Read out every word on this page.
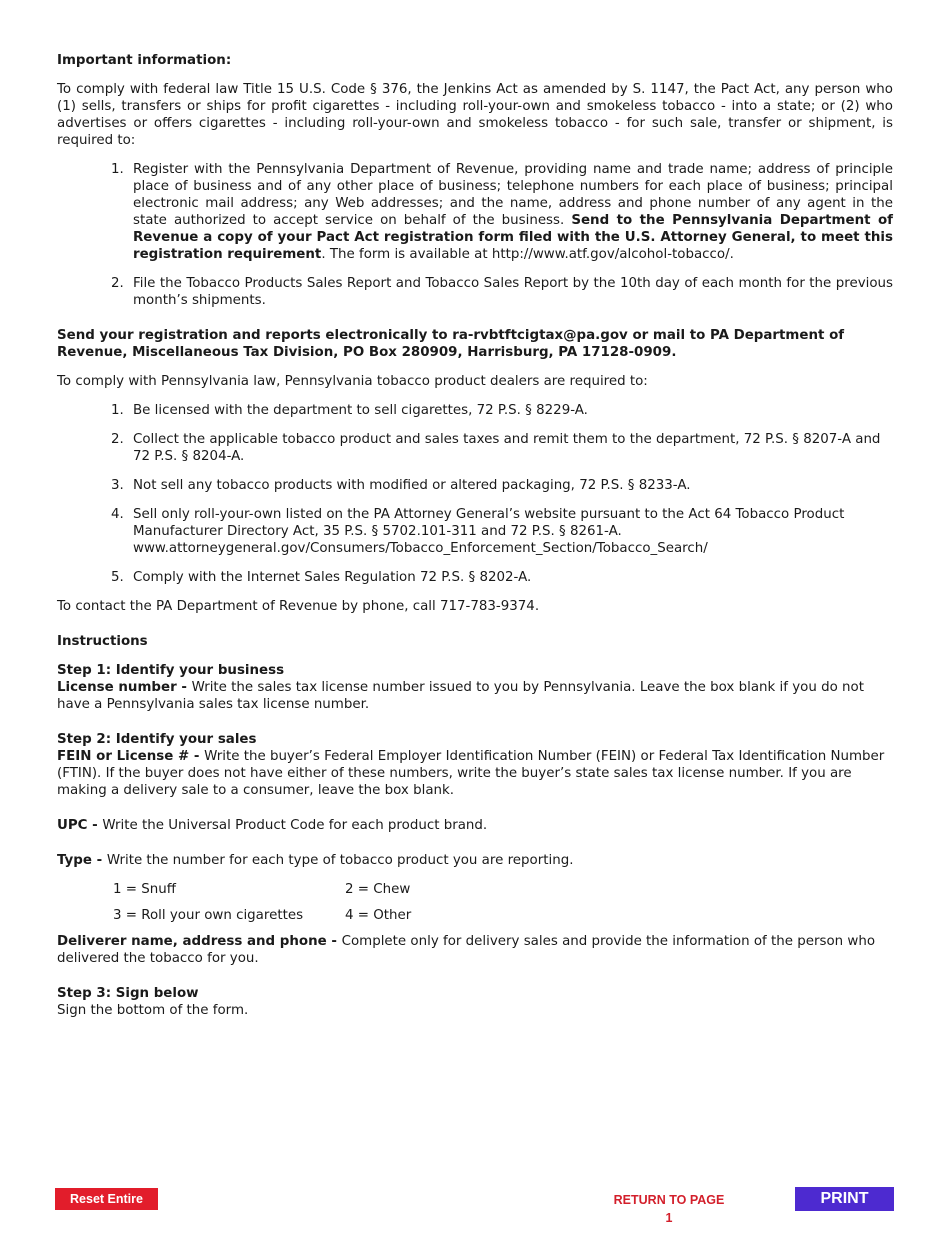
Important information:

To comply with federal law Title 15 U.S. Code § 376, the Jenkins Act as amended by S. 1147, the Pact Act, any person who (1) sells, transfers or ships for profit cigarettes - including roll-your-own and smokeless tobacco - into a state; or (2) who advertises or offers cigarettes - including roll-your-own and smokeless tobacco - for such sale, transfer or shipment, is required to:

1. Register with the Pennsylvania Department of Revenue, providing name and trade name; address of principle place of business and of any other place of business; telephone numbers for each place of business; principal electronic mail address; any Web addresses; and the name, address and phone number of any agent in the state authorized to accept service on behalf of the business. Send to the Pennsylvania Department of Revenue a copy of your Pact Act registration form filed with the U.S. Attorney General, to meet this registration requirement. The form is available at http://www.atf.gov/alcohol-tobacco/.
2. File the Tobacco Products Sales Report and Tobacco Sales Report by the 10th day of each month for the previous month’s shipments.

Send your registration and reports electronically to ra-rvbtftcigtax@pa.gov or mail to PA Department of Revenue, Miscellaneous Tax Division, PO Box 280909, Harrisburg, PA 17128-0909.

To comply with Pennsylvania law, Pennsylvania tobacco product dealers are required to:

1. Be licensed with the department to sell cigarettes, 72 P.S. § 8229-A.
2. Collect the applicable tobacco product and sales taxes and remit them to the department, 72 P.S. § 8207-A and 72 P.S. § 8204-A.
3. Not sell any tobacco products with modified or altered packaging, 72 P.S. § 8233-A.
4. Sell only roll-your-own listed on the PA Attorney General’s website pursuant to the Act 64 Tobacco Product Manufacturer Directory Act, 35 P.S. § 5702.101-311 and 72 P.S. § 8261-A.
www.attorneygeneral.gov/Consumers/Tobacco_Enforcement_Section/Tobacco_Search/
5. Comply with the Internet Sales Regulation 72 P.S. § 8202-A.

To contact the PA Department of Revenue by phone, call 717-783-9374.

Instructions

Step 1: Identify your business

License number - Write the sales tax license number issued to you by Pennsylvania. Leave the box blank if you do not have a Pennsylvania sales tax license number.

Step 2: Identify your sales

FEIN or License # - Write the buyer’s Federal Employer Identification Number (FEIN) or Federal Tax Identification Number (FTIN). If the buyer does not have either of these numbers, write the buyer’s state sales tax license number. If you are making a delivery sale to a consumer, leave the box blank.

UPC - Write the Universal Product Code for each product brand.

Type - Write the number for each type of tobacco product you are reporting.

1 = Snuff	2 = Chew
3 = Roll your own cigarettes	4 = Other

Deliverer name, address and phone - Complete only for delivery sales and provide the information of the person who delivered the tobacco for you.

Step 3: Sign below

Sign the bottom of the form.

Reset Entire Form
RETURN TO PAGE 1
PRINT FORM
